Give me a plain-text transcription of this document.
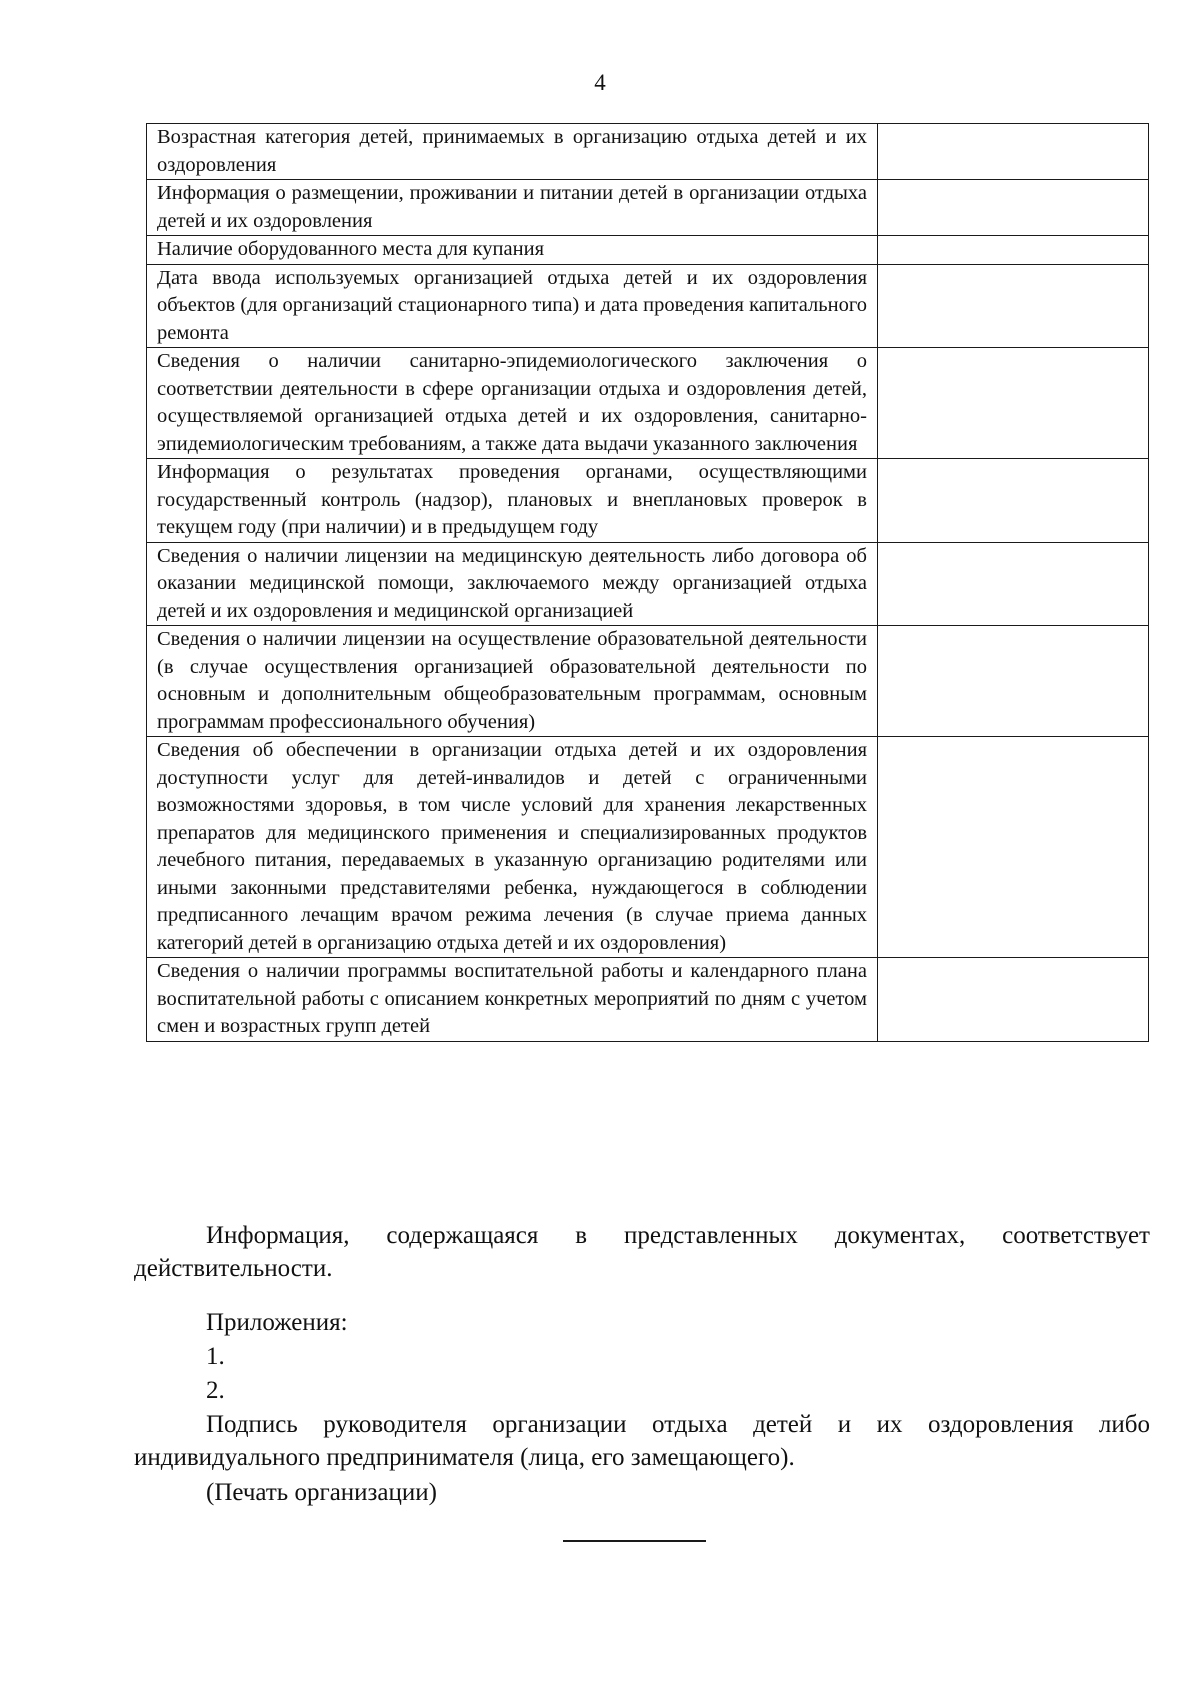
4
Возрастная категория детей, принимаемых в организацию отдыха детей и их оздоровления	
Информация о размещении, проживании и питании детей в организации отдыха детей и их оздоровления	
Наличие оборудованного места для купания	
Дата ввода используемых организацией отдыха детей и их оздоровления объектов (для организаций стационарного типа) и дата проведения капитального ремонта	
Сведения о наличии санитарно-эпидемиологического заключения о соответствии деятельности в сфере организации отдыха и оздоровления детей, осуществляемой организацией отдыха детей и их оздоровления, санитарно-эпидемиологическим требованиям, а также дата выдачи указанного заключения	
Информация о результатах проведения органами, осуществляющими государственный контроль (надзор), плановых и внеплановых проверок в текущем году (при наличии) и в предыдущем году	
Сведения о наличии лицензии на медицинскую деятельность либо договора об оказании медицинской помощи, заключаемого между организацией отдыха детей и их оздоровления и медицинской организацией	
Сведения о наличии лицензии на осуществление образовательной деятельности (в случае осуществления организацией образовательной деятельности по основным и дополнительным общеобразовательным программам, основным программам профессионального обучения)	
Сведения об обеспечении в организации отдыха детей и их оздоровления доступности услуг для детей-инвалидов и детей с ограниченными возможностями здоровья, в том числе условий для хранения лекарственных препаратов для медицинского применения и специализированных продуктов лечебного питания, передаваемых в указанную организацию родителями или иными законными представителями ребенка, нуждающегося в соблюдении предписанного лечащим врачом режима лечения (в случае приема данных категорий детей в организацию отдыха детей и их оздоровления)	
Сведения о наличии программы воспитательной работы и календарного плана воспитательной работы с описанием конкретных мероприятий по дням с учетом смен и возрастных групп детей	
Информация, содержащаяся в представленных документах, соответствует действительности.
Приложения:
1.
2.
Подпись руководителя организации отдыха детей и их оздоровления либо индивидуального предпринимателя (лица, его замещающего).
(Печать организации)
